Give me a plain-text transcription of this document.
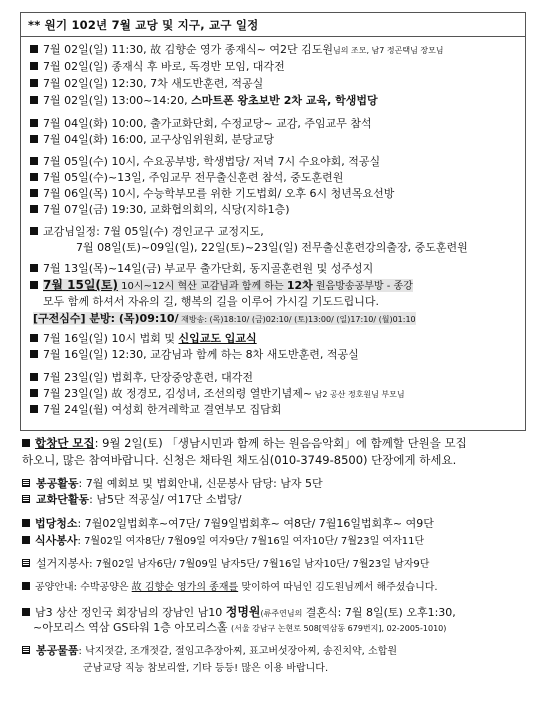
** 원기 102년 7월 교당 및 지구, 교구 일정
7월 02일(일) 11:30, 故 김향순 영가 종재식~ 여2단 김도원님의 조모, 남7 정곤택님 장모님
7월 02일(일) 종재식 후 바로, 독경반 모임, 대각전
7월 02일(일) 12:30, 7차 새도반훈련, 적공실
7월 02일(일) 13:00~14:20, 스마트폰 왕초보반 2차 교육, 학생법당
7월 04일(화) 10:00, 출가교화단회, 수정교당~ 교감, 주임교무 참석
7월 04일(화) 16:00, 교구상임위원회, 분당교당
7월 05일(수) 10시, 수요공부방, 학생법당/ 저녁 7시 수요야회, 적공실
7월 05일(수)~13일, 주임교무 전무출신훈련 참석, 중도훈련원
7월 06일(목) 10시, 수능학부모를 위한 기도법회/ 오후 6시 청년목요선방
7월 07일(금) 19:30, 교화협의회의, 식당(지하1층)
교감님일정: 7월 05일(수) 경인교구 교정지도,
7월 08일(토)~09일(일), 22일(토)~23일(일) 전무출신훈련강의출장, 중도훈련원
7월 13일(목)~14일(금) 부교무 출가단회, 동지골훈련원 및 성주성지
7월 15일(토) 10시~12시 혁산 교감님과 함께 하는 12차 원음방송공부방 - 종강
모두 함께 하셔서 자유의 길, 행복의 길을 이루어 가시길 기도드립니다.
[구전심수] 분방: (목)09:10/ 재방송: (목)18:10/ (금)02:10/ (토)13:00/ (일)17:10/ (월)01:10
7월 16일(일) 10시 법회 및 신입교도 입교식
7월 16일(일) 12:30, 교감님과 함께 하는 8차 새도반훈련, 적공실
7월 23일(일) 법회후, 단장중앙훈련, 대각전
7월 23일(일) 故 정경모, 김성녀, 조선의령 열반기념제~ 남2 공산 정호원님 부모님
7월 24일(월) 여성회 한겨레학교 결연부모 집담회
합창단 모집: 9월 2일(토) 「생남시민과 함께 하는 원음음악회」에 함께할 단원을 모집
하오니, 많은 참여바랍니다. 신청은 채타원 채도심(010-3749-8500) 단장에게 하세요.
봉공활동: 7월 예회보 및 법회안내, 신문봉사 담당: 남자 5단
교화단활동: 남5단 적공실/ 여17단 소법당/
법당청소: 7월02일법회후~여7단/ 7월9일법회후~ 여8단/ 7월16일법회후~ 여9단
식사봉사: 7월02일 여자8단/ 7월09일 여자9단/ 7월16일 여자10단/ 7월23일 여자11단
설거지봉사: 7월02일 남자6단/ 7월09일 남자5단/ 7월16일 남자10단/ 7월23일 남자9단
공양안내: 수박공양은 故 김향순 영가의 종재를 맞이하여 따님인 김도원님께서 해주셨습니다.
남3 상산 정인국 회장님의 장남인 남10 정명원(류주연님의 결혼식: 7월 8일(토) 오후1:30,
~아모리스 역삼 GS타워 1층 아모리스홀 (서울 강남구 논현로 508[역삼동 679번지], 02-2005-1010)
봉공물품: 낙지젓갈, 조개젓갈, 절임고추장아찌, 표고버섯장아찌, 송진치약, 소합원
군남교당 직능 참보리쌀, 기타 등등! 많은 이용 바랍니다.
